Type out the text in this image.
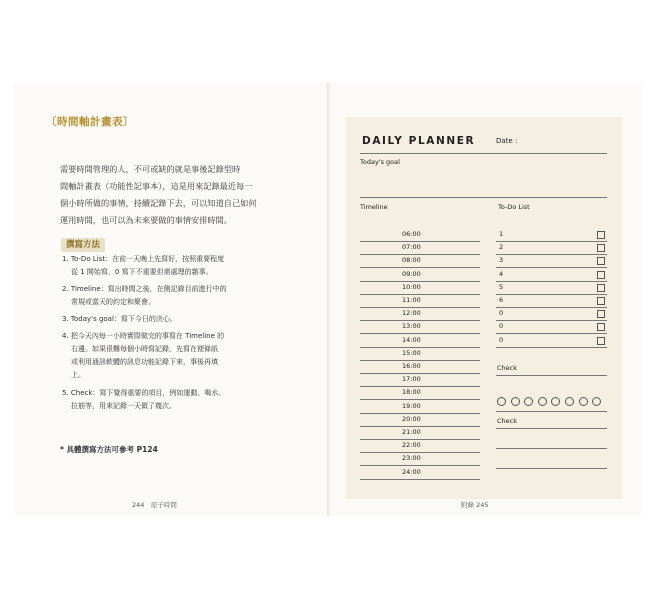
〔時間軸計畫表〕
需要時間管理的人，不可或缺的就是事後記錄型時
間軸計畫表（功能性記事本），這是用來記錄最近每一
個小時所做的事情，持續記錄下去，可以知道自己如何
運用時間，也可以為未來要做的事情安排時間。
撰寫方法
1. To-Do List：在前一天晚上先寫好，按照重要程度
從 1 開始寫，0 寫下不重要但需處理的雜事。
2. Timeline：寫出時間之後，在側記錄目前進行中的
常規或當天的約定和聚會。
3. Today's goal：寫下今日的決心。
4. 把今天內每一小時實際做完的事寫在 Timeline 的
右邊。如果很難每個小時寫記錄，先寫在便條紙
或利用通訊軟體的訊息功能記錄下來，事後再填
上。
5. Check：寫下覺得重要的項目，例如運動、喝水、
拉筋等，用來記錄一天做了幾次。
* 具體撰寫方法可參考 P124
244　原子時間
DAILY PLANNER	Date :
Today's goal
Timeline	To-Do List
06:00
07:00
08:00
09:00
10:00
11:00
12:00
13:00
14:00
15:00
16:00
17:00
18:00
19:00
20:00
21:00
22:00
23:00
24:00
1
2
3
4
5
6
0
0
0
Check
Check
附錄 245
